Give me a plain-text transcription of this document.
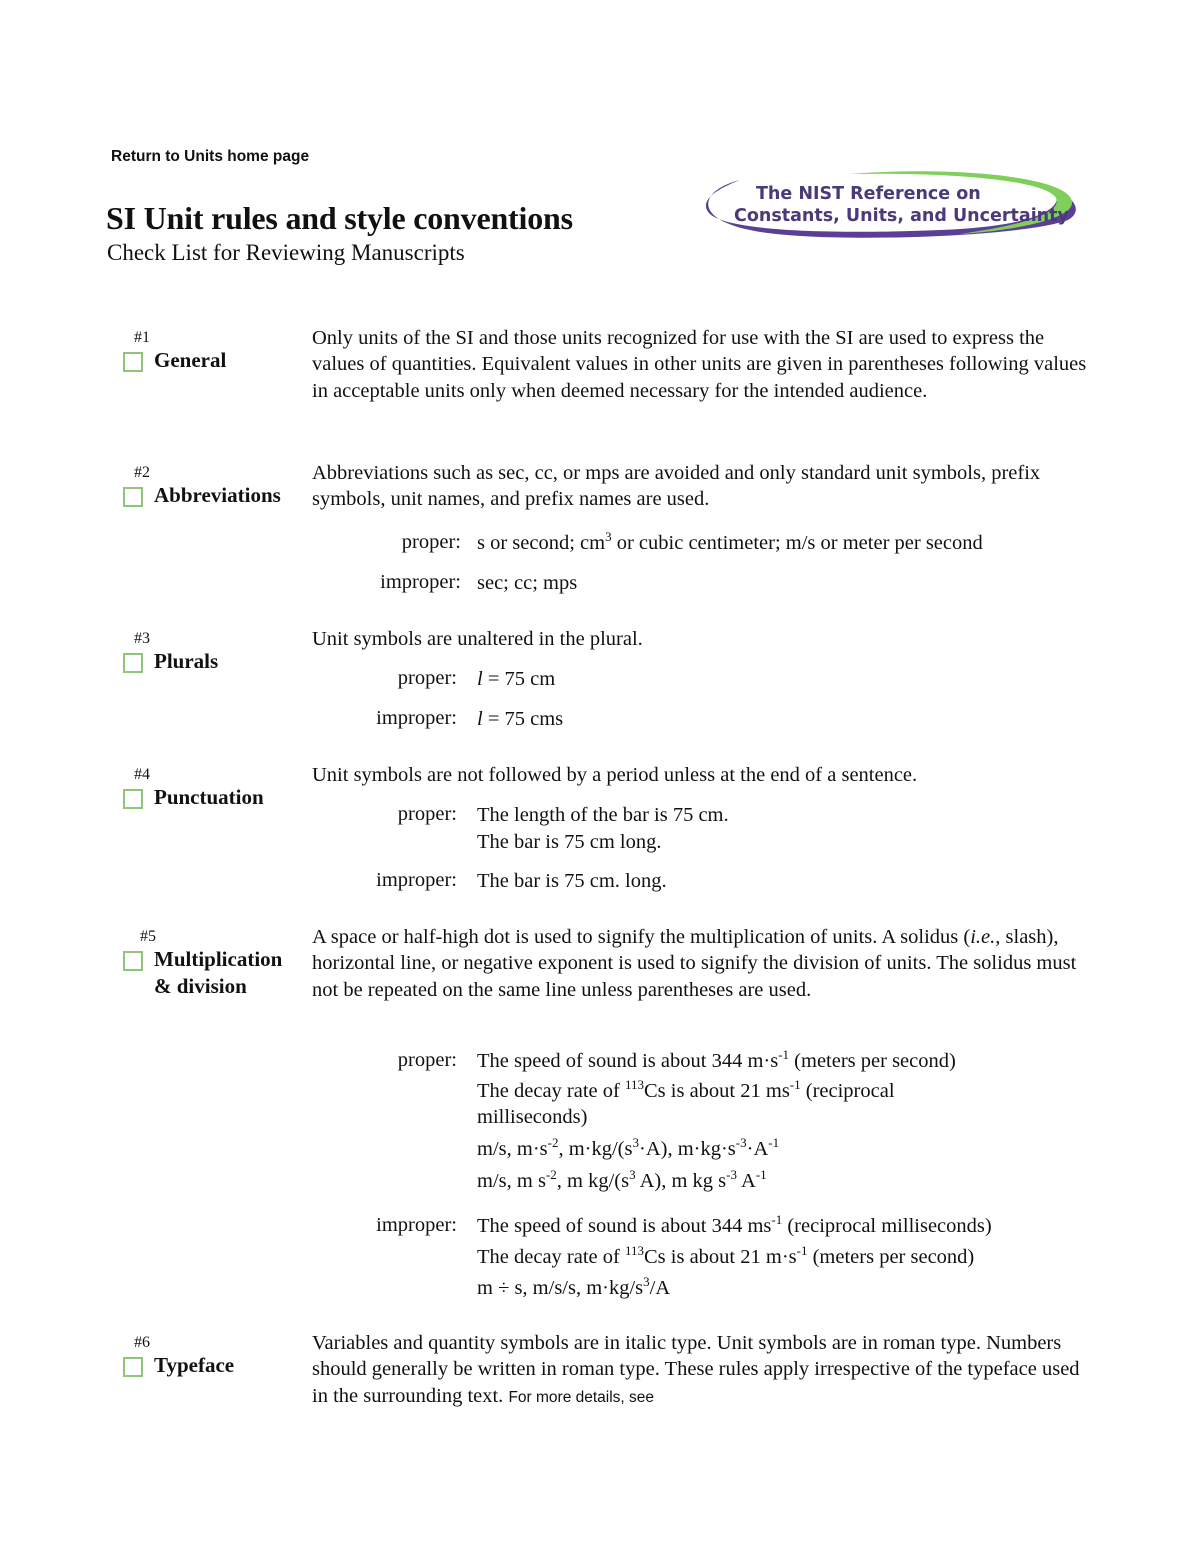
Return to Units home page
SI Unit rules and style conventions
Check List for Reviewing Manuscripts
The NIST Reference on
Constants, Units, and Uncertainty
#1
General
Only units of the SI and those units recognized for use with the SI are used to express the values of quantities. Equivalent values in other units are given in parentheses following values in acceptable units only when deemed necessary for the intended audience.
#2
Abbreviations
Abbreviations such as sec, cc, or mps are avoided and only standard unit symbols, prefix symbols, unit names, and prefix names are used.
proper: s or second; $cm^3$ or cubic centimeter; m/s or meter per second
improper: sec; cc; mps
#3
Plurals
Unit symbols are unaltered in the plural.
proper: l = 75 cm
improper: l = 75 cms
#4
Punctuation
Unit symbols are not followed by a period unless at the end of a sentence.
proper: The length of the bar is 75 cm.
The bar is 75 cm long.
improper: The bar is 75 cm. long.
#5
Multiplication
& division
A space or half-high dot is used to signify the multiplication of units. A solidus (i.e., slash), horizontal line, or negative exponent is used to signify the division of units. The solidus must not be repeated on the same line unless parentheses are used.
proper: The speed of sound is about 344 $m\cdot s^{-1}$ (meters per second)
The decay rate of $^{113}$Cs is about 21 $ms^{-1}$ (reciprocal milliseconds)
m/s, $m\cdot s^{-2}$, $m\cdot kg/(s^3\cdot A)$, $m\cdot kg\cdot s^{-3}\cdot A^{-1}$
m/s, m $s^{-2}$, m $kg/(s^3$ A), m kg $s^{-3}$ $A^{-1}$
improper: The speed of sound is about 344 $ms^{-1}$ (reciprocal milliseconds)
The decay rate of $^{113}$Cs is about 21 $m\cdot s^{-1}$ (meters per second)
m ÷ s, m/s/s, $m\cdot kg/s^3/A$
#6
Typeface
Variables and quantity symbols are in italic type. Unit symbols are in roman type. Numbers should generally be written in roman type. These rules apply irrespective of the typeface used in the surrounding text. For more details, see
